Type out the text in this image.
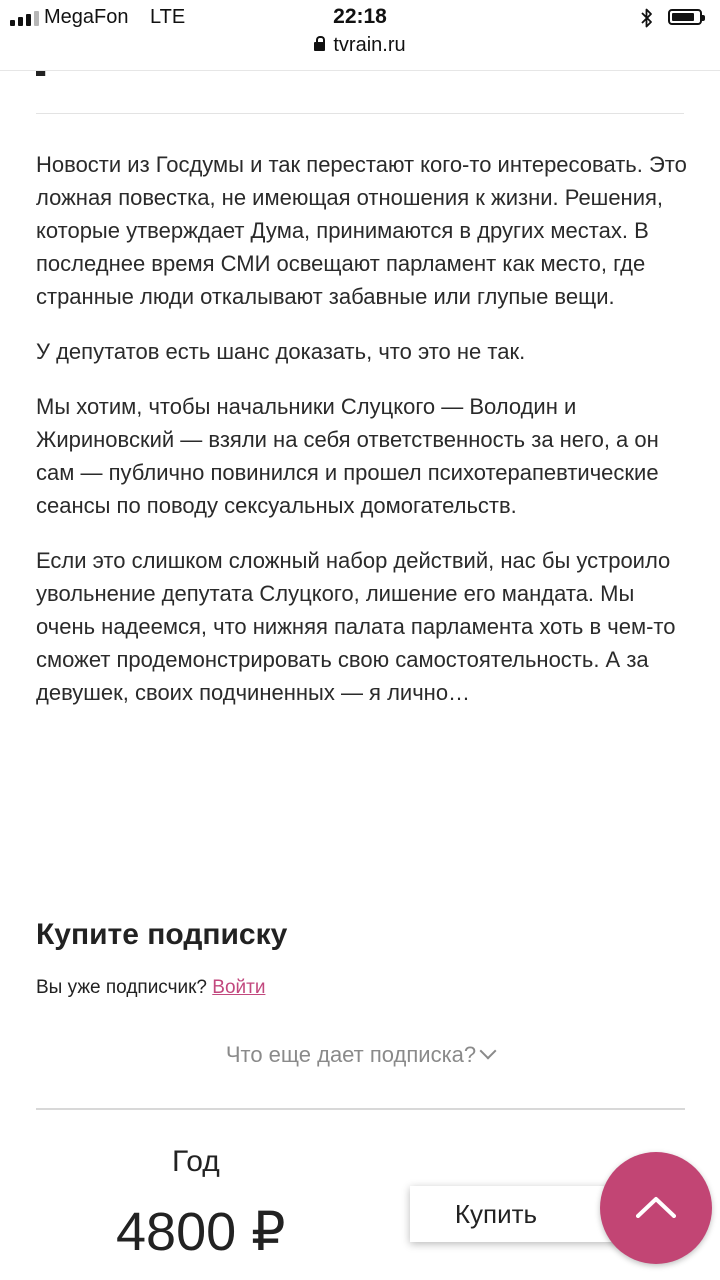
MegaFon LTE	22:18
tvrain.ru

Новости из Госдумы и так перестают кого-то интересовать. Это ложная повестка, не имеющая отношения к жизни. Решения, которые утверждает Дума, принимаются в других местах. В последнее время СМИ освещают парламент как место, где странные люди откалывают забавные или глупые вещи.

У депутатов есть шанс доказать, что это не так.

Мы хотим, чтобы начальники Слуцкого — Володин и Жириновский — взяли на себя ответственность за него, а он сам — публично повинился и прошел психотерапевтические сеансы по поводу сексуальных домогательств.

Если это слишком сложный набор действий, нас бы устроило увольнение депутата Слуцкого, лишение его мандата. Мы очень надеемся, что нижняя палата парламента хоть в чем-то сможет продемонстрировать свою самостоятельность. А за девушек, своих подчиненных — я лично…

Купите подписку
Вы уже подписчик? Войти
Что еще дает подписка?
Год
4800 ₽	Купить
